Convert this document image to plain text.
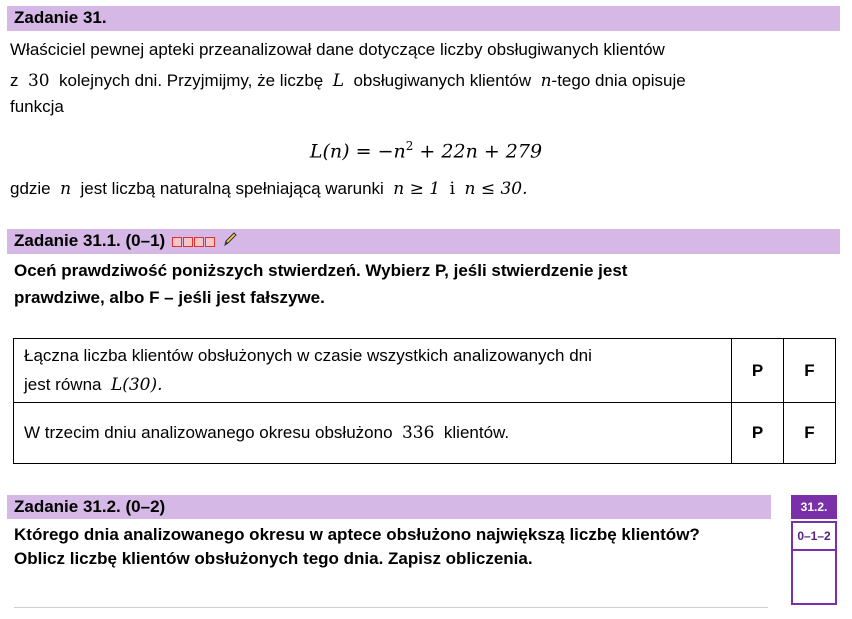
Zadanie 31.
Właściciel pewnej apteki przeanalizował dane dotyczące liczby obsługiwanych klientów
z 30 kolejnych dni. Przyjmijmy, że liczbę L obsługiwanych klientów n-tego dnia opisuje
funkcja
$L(n) = -n^2 + 22n + 279$
gdzie n jest liczbą naturalną spełniającą warunki n ≥ 1 i n ≤ 30.
Zadanie 31.1. (0–1)
Oceń prawdziwość poniższych stwierdzeń. Wybierz P, jeśli stwierdzenie jest
prawdziwe, albo F – jeśli jest fałszywe.
Łączna liczba klientów obsłużonych w czasie wszystkich analizowanych dni
jest równa L(30).	P	F
W trzecim dniu analizowanego okresu obsłużono 336 klientów.	P	F
Zadanie 31.2. (0–2)
Którego dnia analizowanego okresu w aptece obsłużono największą liczbę klientów?
Oblicz liczbę klientów obsłużonych tego dnia. Zapisz obliczenia.
31.2.
0–1–2
